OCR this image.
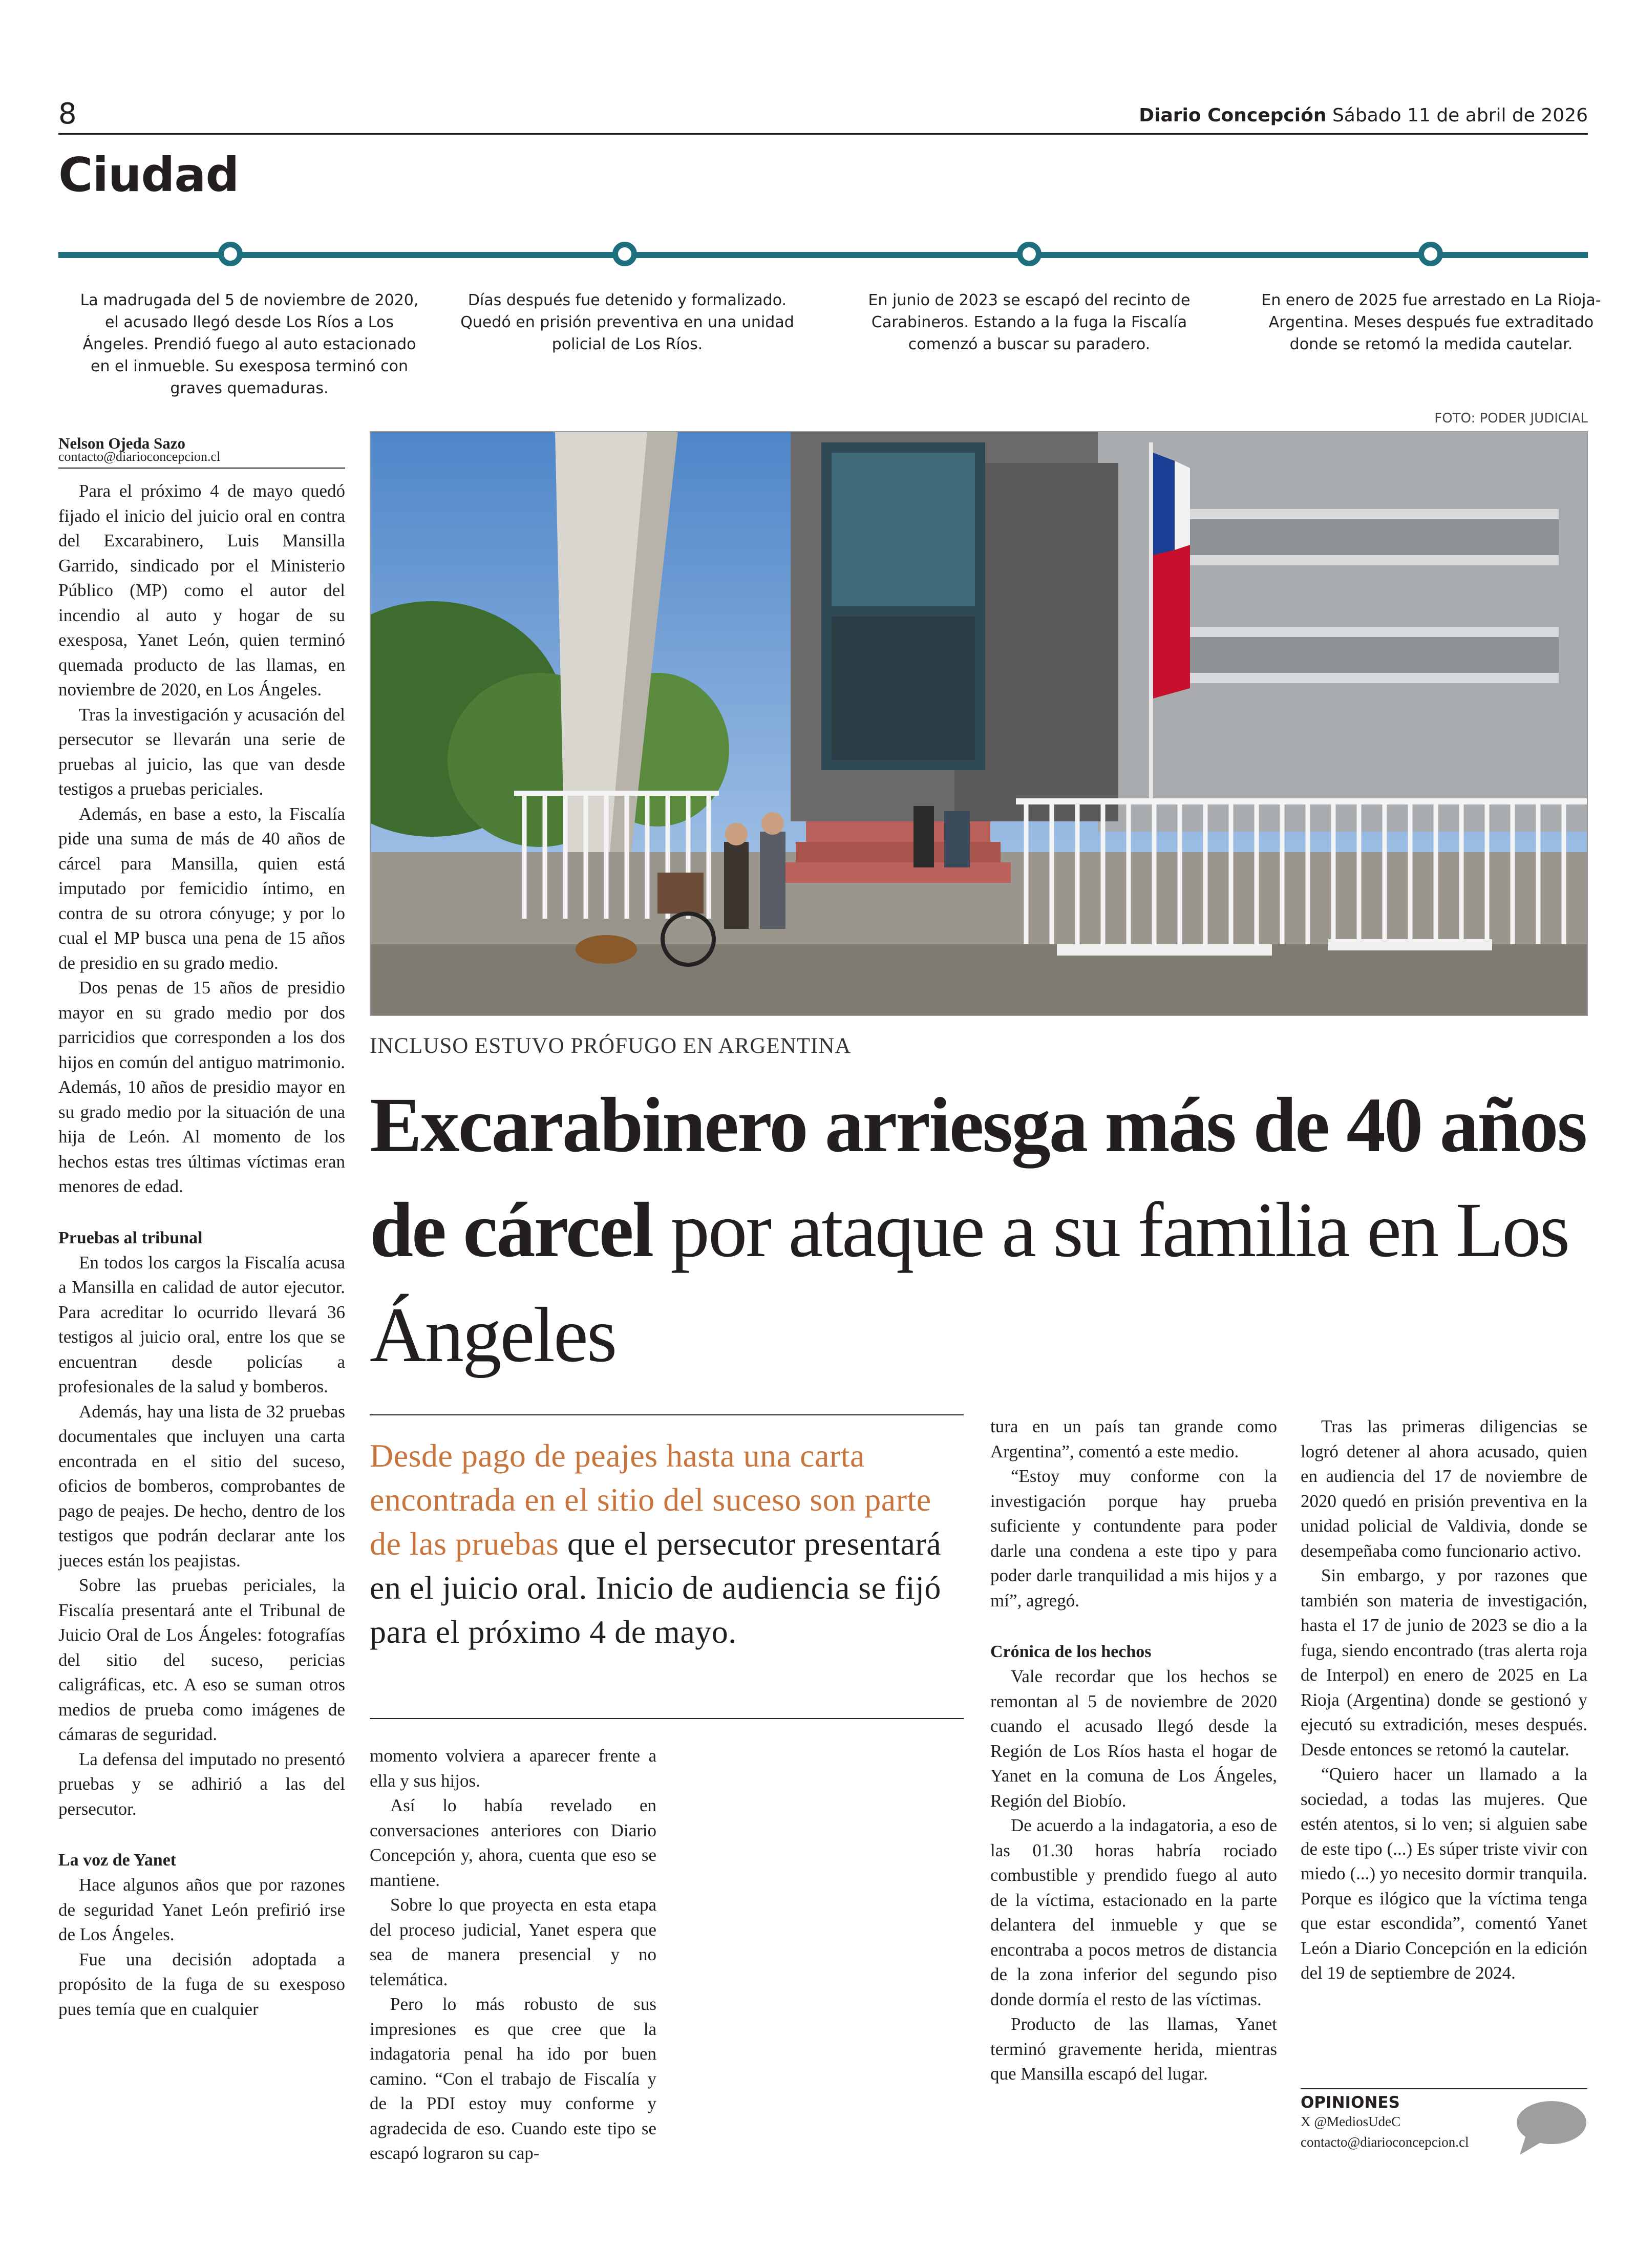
8	Diario Concepción Sábado 11 de abril de 2026
Ciudad
La madrugada del 5 de noviembre de 2020, el acusado llegó desde Los Ríos a Los Ángeles. Prendió fuego al auto estacionado en el inmueble. Su exesposa terminó con graves quemaduras.
Días después fue detenido y formalizado. Quedó en prisión preventiva en una unidad policial de Los Ríos.
En junio de 2023 se escapó del recinto de Carabineros. Estando a la fuga la Fiscalía comenzó a buscar su paradero.
En enero de 2025 fue arrestado en La Rioja-Argentina. Meses después fue extraditado donde se retomó la medida cautelar.
FOTO: PODER JUDICIAL
Nelson Ojeda Sazo
contacto@diarioconcepcion.cl

Para el próximo 4 de mayo quedó fijado el inicio del juicio oral en contra del Excarabinero, Luis Mansilla Garrido, sindicado por el Ministerio Público (MP) como el autor del incendio al auto y hogar de su exesposa, Yanet León, quien terminó quemada producto de las llamas, en noviembre de 2020, en Los Ángeles.

Tras la investigación y acusación del persecutor se llevarán una serie de pruebas al juicio, las que van desde testigos a pruebas periciales.

Además, en base a esto, la Fiscalía pide una suma de más de 40 años de cárcel para Mansilla, quien está imputado por femicidio íntimo, en contra de su otrora cónyuge; y por lo cual el MP busca una pena de 15 años de presidio en su grado medio.

Dos penas de 15 años de presidio mayor en su grado medio por dos parricidios que corresponden a los dos hijos en común del antiguo matrimonio. Además, 10 años de presidio mayor en su grado medio por la situación de una hija de León. Al momento de los hechos estas tres últimas víctimas eran menores de edad.

Pruebas al tribunal

En todos los cargos la Fiscalía acusa a Mansilla en calidad de autor ejecutor. Para acreditar lo ocurrido llevará 36 testigos al juicio oral, entre los que se encuentran desde policías a profesionales de la salud y bomberos.

Además, hay una lista de 32 pruebas documentales que incluyen una carta encontrada en el sitio del suceso, oficios de bomberos, comprobantes de pago de peajes. De hecho, dentro de los testigos que podrán declarar ante los jueces están los peajistas.

Sobre las pruebas periciales, la Fiscalía presentará ante el Tribunal de Juicio Oral de Los Ángeles: fotografías del sitio del suceso, pericias caligráficas, etc. A eso se suman otros medios de prueba como imágenes de cámaras de seguridad.

La defensa del imputado no presentó pruebas y se adhirió a las del persecutor.

La voz de Yanet

Hace algunos años que por razones de seguridad Yanet León prefirió irse de Los Ángeles.

Fue una decisión adoptada a propósito de la fuga de su exesposo pues temía que en cualquier

INCLUSO ESTUVO PRÓFUGO EN ARGENTINA
Excarabinero arriesga más de 40 años de cárcel por ataque a su familia en Los Ángeles
Desde pago de peajes hasta una carta encontrada en el sitio del suceso son parte de las pruebas que el persecutor presentará en el juicio oral. Inicio de audiencia se fijó para el próximo 4 de mayo.

momento volviera a aparecer frente a ella y sus hijos.

Así lo había revelado en conversaciones anteriores con Diario Concepción y, ahora, cuenta que eso se mantiene.

Sobre lo que proyecta en esta etapa del proceso judicial, Yanet espera que sea de manera presencial y no telemática.

Pero lo más robusto de sus impresiones es que cree que la indagatoria penal ha ido por buen camino. “Con el trabajo de Fiscalía y de la PDI estoy muy conforme y agradecida de eso. Cuando este tipo se escapó lograron su cap-

tura en un país tan grande como Argentina”, comentó a este medio.

“Estoy muy conforme con la investigación porque hay prueba suficiente y contundente para poder darle una condena a este tipo y para poder darle tranquilidad a mis hijos y a mí”, agregó.

Crónica de los hechos

Vale recordar que los hechos se remontan al 5 de noviembre de 2020 cuando el acusado llegó desde la Región de Los Ríos hasta el hogar de Yanet en la comuna de Los Ángeles, Región del Biobío.

De acuerdo a la indagatoria, a eso de las 01.30 horas habría rociado combustible y prendido fuego al auto de la víctima, estacionado en la parte delantera del inmueble y que se encontraba a pocos metros de distancia de la zona inferior del segundo piso donde dormía el resto de las víctimas.

Producto de las llamas, Yanet terminó gravemente herida, mientras que Mansilla escapó del lugar.

Tras las primeras diligencias se logró detener al ahora acusado, quien en audiencia del 17 de noviembre de 2020 quedó en prisión preventiva en la unidad policial de Valdivia, donde se desempeñaba como funcionario activo.

Sin embargo, y por razones que también son materia de investigación, hasta el 17 de junio de 2023 se dio a la fuga, siendo encontrado (tras alerta roja de Interpol) en enero de 2025 en La Rioja (Argentina) donde se gestionó y ejecutó su extradición, meses después. Desde entonces se retomó la cautelar.

“Quiero hacer un llamado a la sociedad, a todas las mujeres. Que estén atentos, si lo ven; si alguien sabe de este tipo (...) Es súper triste vivir con miedo (...) yo necesito dormir tranquila. Porque es ilógico que la víctima tenga que estar escondida”, comentó Yanet León a Diario Concepción en la edición del 19 de septiembre de 2024.

OPINIONES
X @MediosUdeC
contacto@diarioconcepcion.cl
